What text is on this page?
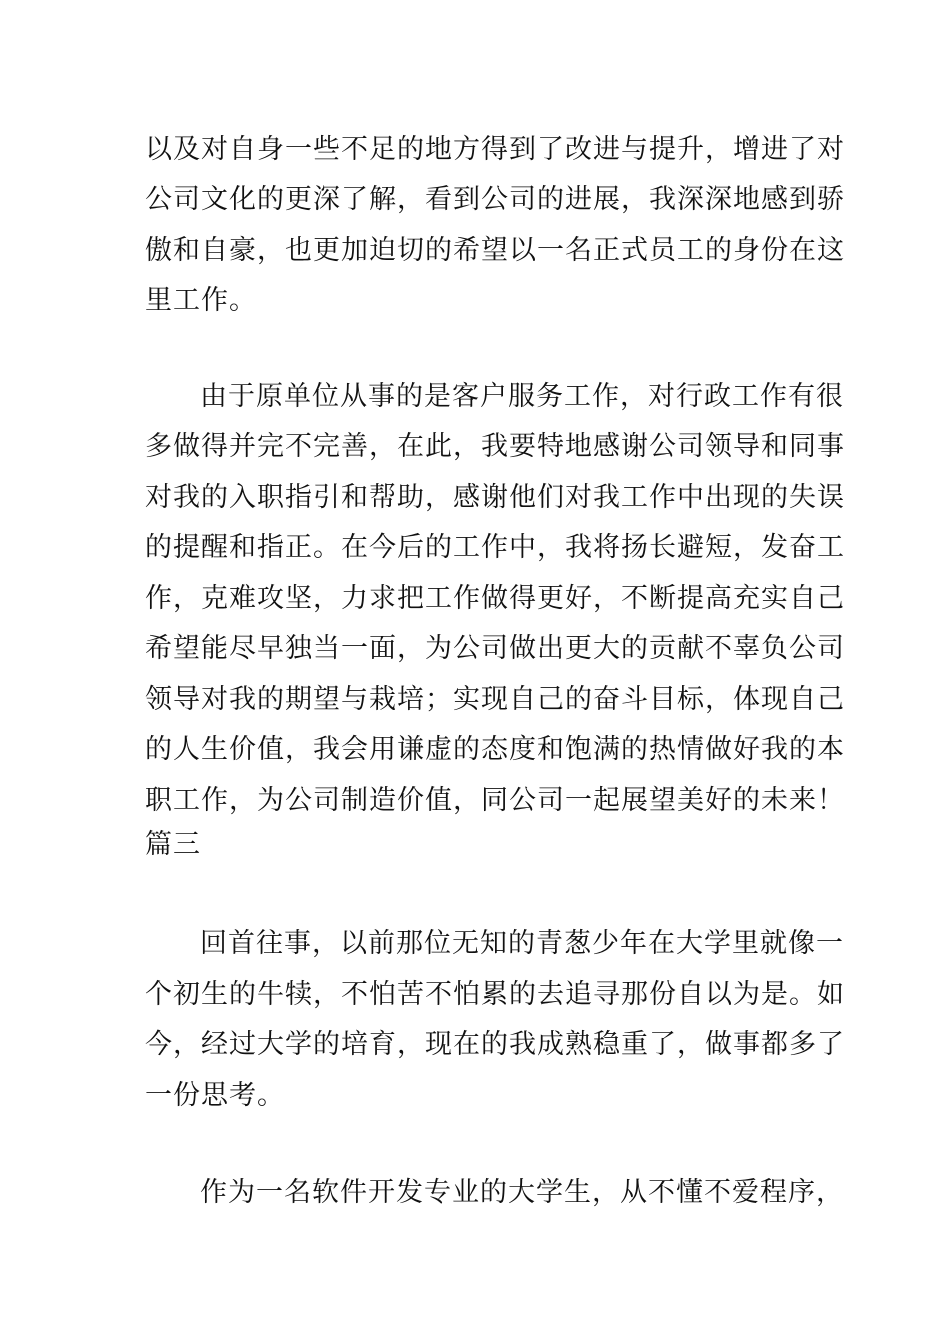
以及对自身一些不足的地方得到了改进与提升，增进了对

公司文化的更深了解，看到公司的进展，我深深地感到骄

傲和自豪，也更加迫切的希望以一名正式员工的身份在这

里工作。

由于原单位从事的是客户服务工作，对行政工作有很

多做得并完不完善，在此，我要特地感谢公司领导和同事

对我的入职指引和帮助，感谢他们对我工作中出现的失误

的提醒和指正。在今后的工作中，我将扬长避短，发奋工

作，克难攻坚，力求把工作做得更好，不断提高充实自己

希望能尽早独当一面，为公司做出更大的贡献不辜负公司

领导对我的期望与栽培；实现自己的奋斗目标，体现自己

的人生价值，我会用谦虚的态度和饱满的热情做好我的本

职工作，为公司制造价值，同公司一起展望美好的未来！

篇三

回首往事，以前那位无知的青葱少年在大学里就像一

个初生的牛犊，不怕苦不怕累的去追寻那份自以为是。如

今，经过大学的培育，现在的我成熟稳重了，做事都多了

一份思考。

作为一名软件开发专业的大学生，从不懂不爱程序，
